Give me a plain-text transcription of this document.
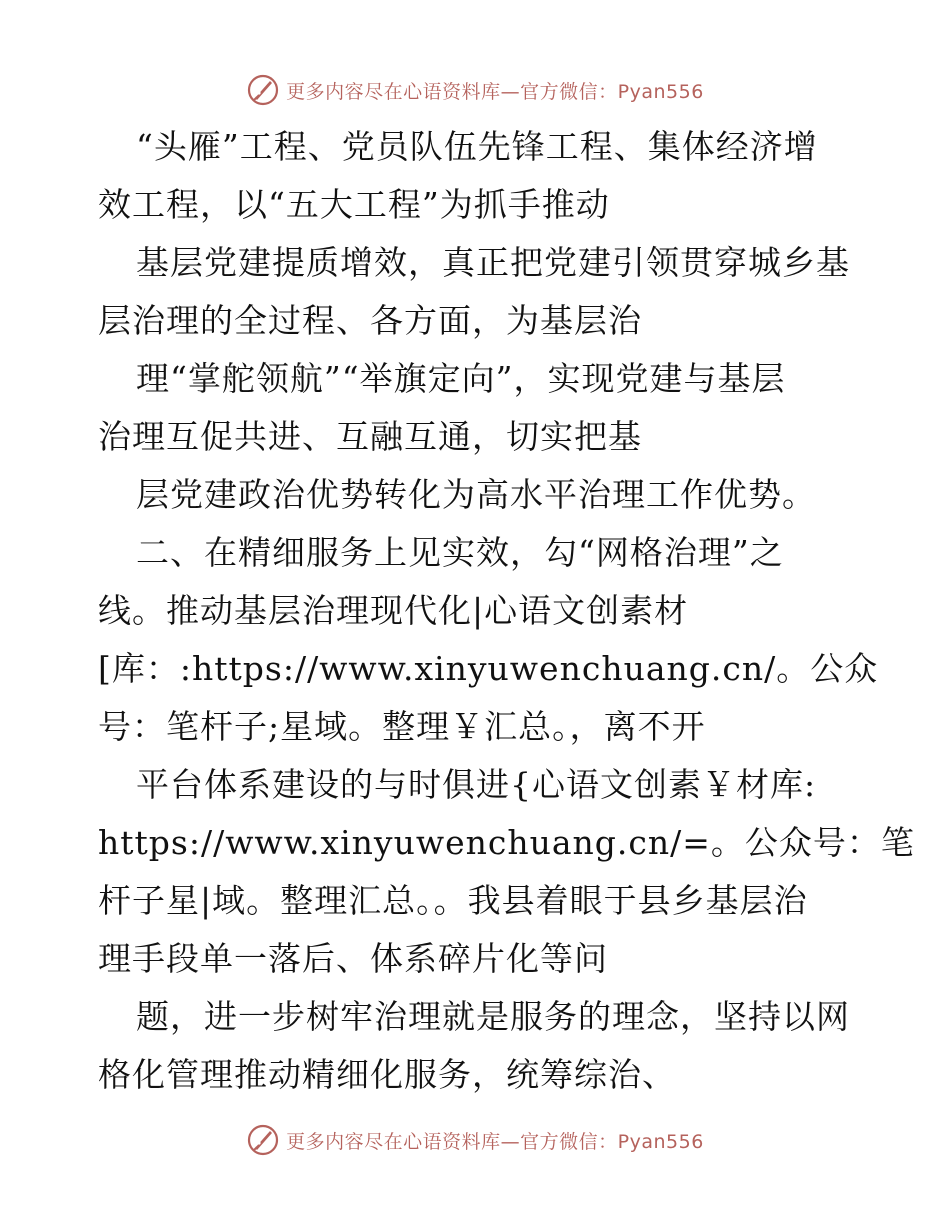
更多内容尽在心语资料库—官方微信：Pyan556
“头雁”工程、党员队伍先锋工程、集体经济增
效工程，以“五大工程”为抓手推动
基层党建提质增效，真正把党建引领贯穿城乡基
层治理的全过程、各方面，为基层治
理“掌舵领航”“举旗定向”，实现党建与基层
治理互促共进、互融互通，切实把基
层党建政治优势转化为高水平治理工作优势。
二、在精细服务上见实效，勾“网格治理”之
线。推动基层治理现代化|心语文创素材
[库：:https://www.xinyuwenchuang.cn/。公众
号：笔杆子;星域。整理￥汇总。，离不开
平台体系建设的与时俱进{心语文创素￥材库:
https://www.xinyuwenchuang.cn/=。公众号：笔
杆子星|域。整理汇总。。我县着眼于县乡基层治
理手段单一落后、体系碎片化等问
题，进一步树牢治理就是服务的理念，坚持以网
格化管理推动精细化服务，统筹综治、
更多内容尽在心语资料库—官方微信：Pyan556
